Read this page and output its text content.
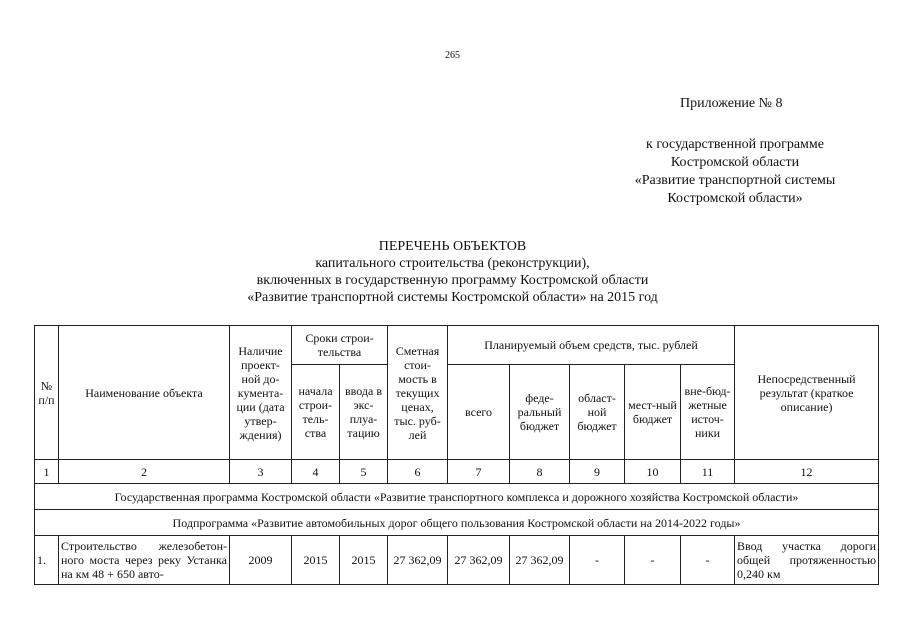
265
Приложение № 8
к государственной программе
Костромской области
«Развитие транспортной системы
Костромской области»
ПЕРЕЧЕНЬ ОБЪЕКТОВ
капитального строительства (реконструкции),
включенных в государственную программу Костромской области
«Развитие транспортной системы Костромской области» на 2015 год
№ п/п	Наименование объекта	Наличие проект-ной до-кумента-ции (дата утвер-ждения)	Сроки строи-тельства		Сметная стои-мость в текущих ценах, тыс. руб-лей	Планируемый объем средств, тыс. рублей					Непосредственный результат (краткое описание)
			начала строи-тель-ства	ввода в экс-плуа-тацию		всего	феде-ральный бюджет	област-ной бюджет	мест-ный бюджет	вне-бюд-жетные источ-ники	
1	2	3	4	5	6	7	8	9	10	11	12
Государственная программа Костромской области «Развитие транспортного комплекса и дорожного хозяйства Костромской области»											
Подпрограмма «Развитие автомобильных дорог общего пользования Костромской области на 2014-2022 годы»											
1.	Строительство железобетон-ного моста через реку Устанка на км 48 + 650 авто-	2009	2015	2015	27 362,09	27 362,09	27 362,09	-	-	-	Ввод участка дороги общей протяженностью 0,240 км
